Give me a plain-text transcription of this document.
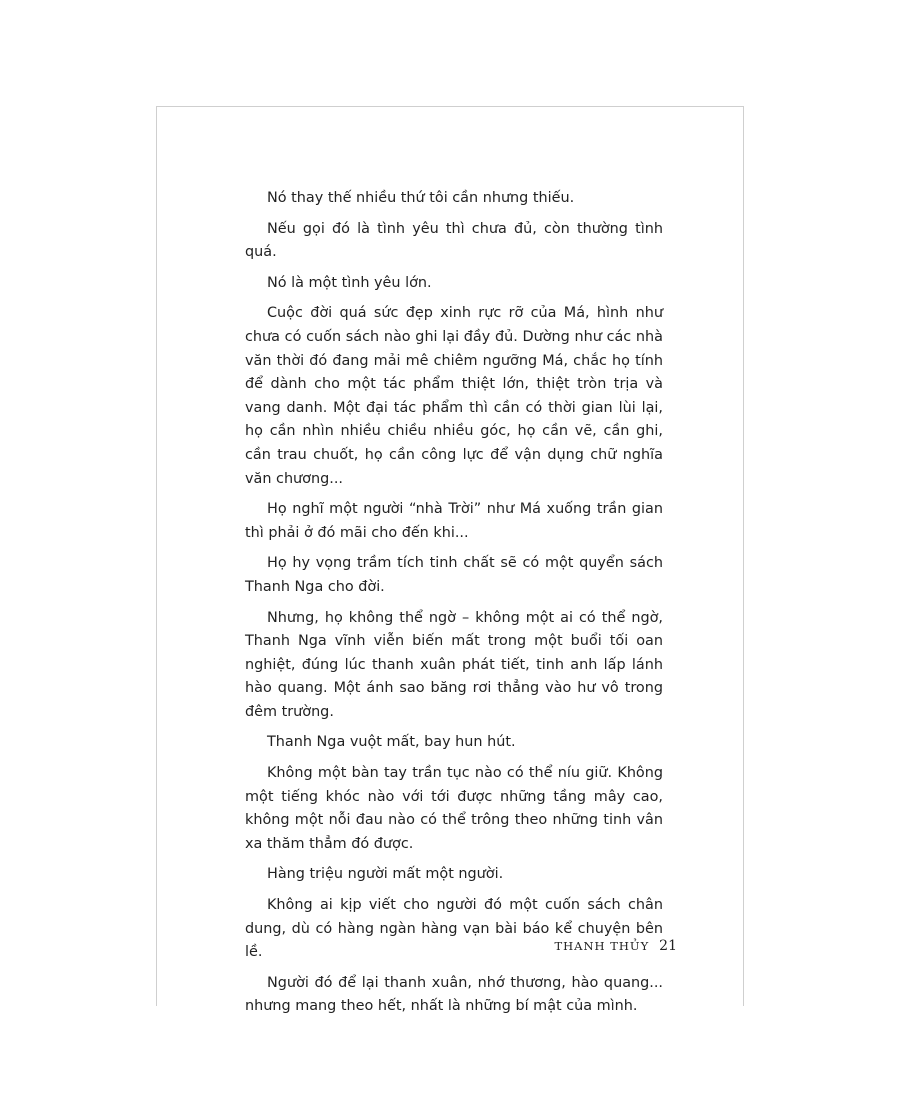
Nó thay thế nhiều thứ tôi cần nhưng thiếu.

Nếu gọi đó là tình yêu thì chưa đủ, còn thường tình quá.

Nó là một tình yêu lớn.

Cuộc đời quá sức đẹp xinh rực rỡ của Má, hình như chưa có cuốn sách nào ghi lại đầy đủ. Dường như các nhà văn thời đó đang mải mê chiêm ngưỡng Má, chắc họ tính để dành cho một tác phẩm thiệt lớn, thiệt tròn trịa và vang danh. Một đại tác phẩm thì cần có thời gian lùi lại, họ cần nhìn nhiều chiều nhiều góc, họ cần vẽ, cần ghi, cần trau chuốt, họ cần công lực để vận dụng chữ nghĩa văn chương...

Họ nghĩ một người “nhà Trời” như Má xuống trần gian thì phải ở đó mãi cho đến khi...

Họ hy vọng trầm tích tinh chất sẽ có một quyển sách Thanh Nga cho đời.

Nhưng, họ không thể ngờ – không một ai có thể ngờ, Thanh Nga vĩnh viễn biến mất trong một buổi tối oan nghiệt, đúng lúc thanh xuân phát tiết, tinh anh lấp lánh hào quang. Một ánh sao băng rơi thẳng vào hư vô trong đêm trường.

Thanh Nga vuột mất, bay hun hút.

Không một bàn tay trần tục nào có thể níu giữ. Không một tiếng khóc nào với tới được những tầng mây cao, không một nỗi đau nào có thể trông theo những tinh vân xa thăm thẳm đó được.

Hàng triệu người mất một người.

Không ai kịp viết cho người đó một cuốn sách chân dung, dù có hàng ngàn hàng vạn bài báo kể chuyện bên lề.

Người đó để lại thanh xuân, nhớ thương, hào quang... nhưng mang theo hết, nhất là những bí mật của mình.

THANH THỦY 21
